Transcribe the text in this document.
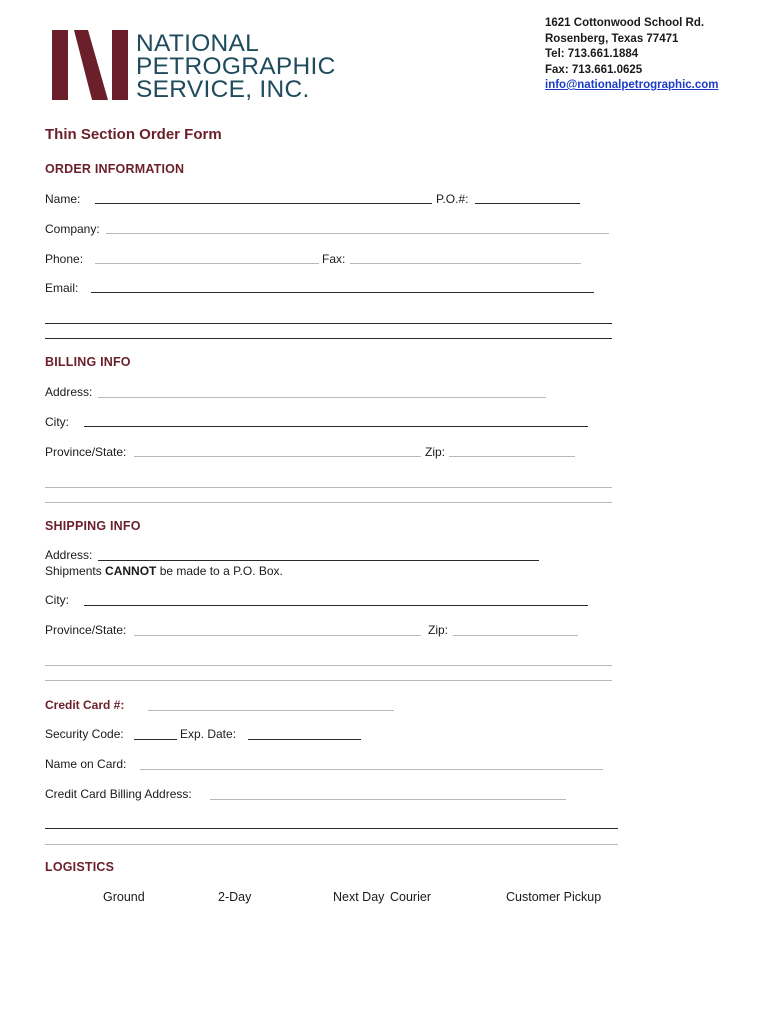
NATIONAL
PETROGRAPHIC
SERVICE, INC.
1621 Cottonwood School Rd.
Rosenberg, Texas 77471
Tel: 713.661.1884
Fax: 713.661.0625
info@nationalpetrographic.com
Thin Section Order Form
ORDER INFORMATION
Name:	P.O.#:
Company:
Phone:	Fax:
Email:
BILLING INFO
Address:
City:
Province/State:	Zip:
SHIPPING INFO
Address:
Shipments CANNOT be made to a P.O. Box.
City:
Province/State:	Zip:
Credit Card #:
Security Code:	Exp. Date:
Name on Card:
Credit Card Billing Address:
LOGISTICS
Ground	2-Day	Next Day Courier	Customer Pickup
